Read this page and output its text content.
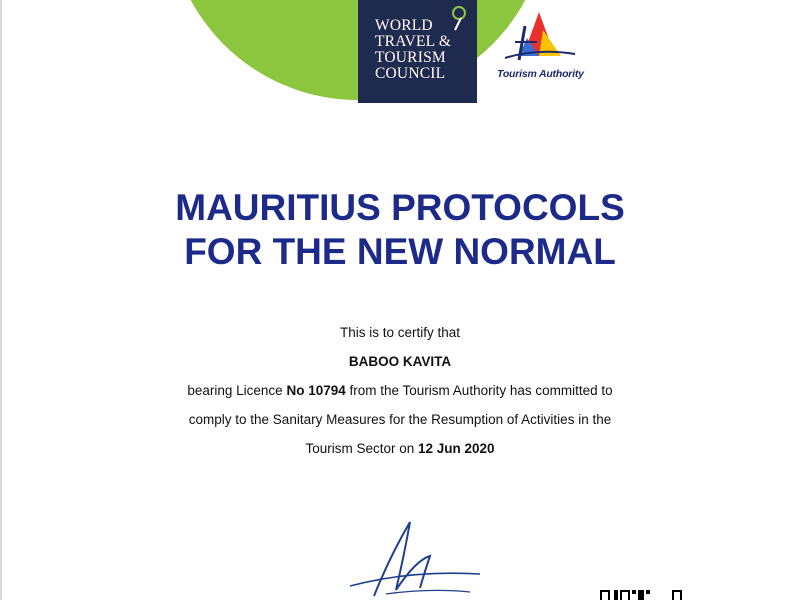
WORLD
TRAVEL &
TOURISM
COUNCIL	Tourism Authority
MAURITIUS PROTOCOLS
FOR THE NEW NORMAL
This is to certify that
BABOO KAVITA
bearing Licence No 10794 from the Tourism Authority has committed to
comply to the Sanitary Measures for the Resumption of Activities in the
Tourism Sector on 12 Jun 2020
